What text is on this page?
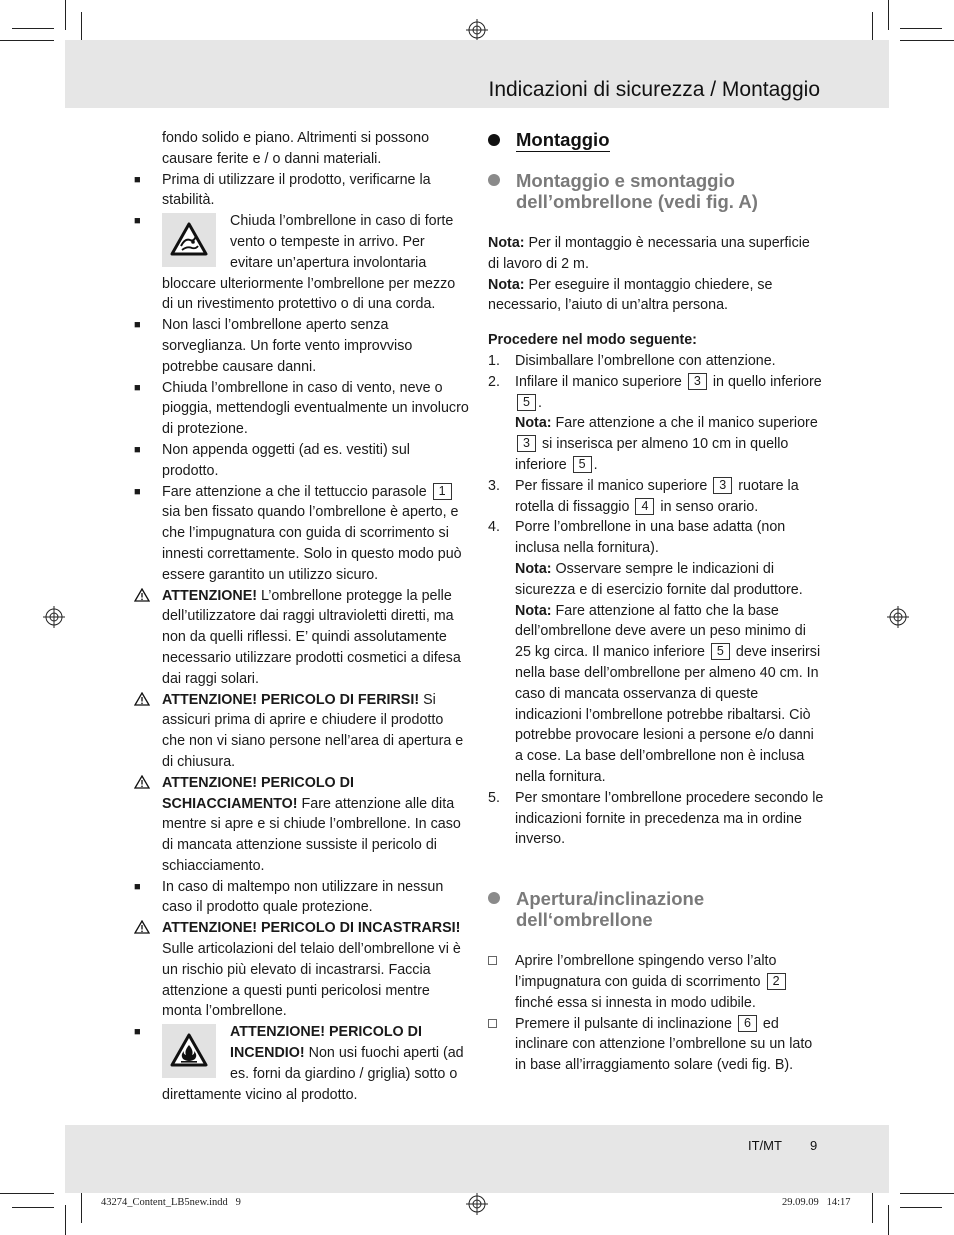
Indicazioni di sicurezza / Montaggio
fondo solido e piano. Altrimenti si possono causare ferite e / o danni materiali.
■	Prima di utilizzare il prodotto, verificarne la stabilità.
■	Chiuda l’ombrellone in caso di forte vento o tempeste in arrivo. Per evitare un’apertura involontaria bloccare ulteriormente l’ombrellone per mezzo di un rivestimento protettivo o di una corda.
■	Non lasci l’ombrellone aperto senza sorveglianza. Un forte vento improvviso potrebbe causare danni.
■	Chiuda l’ombrellone in caso di vento, neve o pioggia, mettendogli eventualmente un involucro di protezione.
■	Non appenda oggetti (ad es. vestiti) sul prodotto.
■	Fare attenzione a che il tettuccio parasole 1 sia ben fissato quando l’ombrellone è aperto, e che l’impugnatura con guida di scorrimento si innesti correttamente. Solo in questo modo può essere garantito un utilizzo sicuro.
ATTENZIONE! L’ombrellone protegge la pelle dell’utilizzatore dai raggi ultravioletti diretti, ma non da quelli riflessi. E’ quindi assolutamente necessario utilizzare prodotti cosmetici a difesa dai raggi solari.
ATTENZIONE! PERICOLO DI FERIRSI! Si assicuri prima di aprire e chiudere il prodotto che non vi siano persone nell’area di apertura e di chiusura.
ATTENZIONE! PERICOLO DI SCHIACCIAMENTO! Fare attenzione alle dita mentre si apre e si chiude l’ombrellone. In caso di mancata attenzione sussiste il pericolo di schiacciamento.
■	In caso di maltempo non utilizzare in nessun caso il prodotto quale protezione.
ATTENZIONE! PERICOLO DI INCASTRARSI! Sulle articolazioni del telaio dell’ombrellone vi è un rischio più elevato di incastrarsi. Faccia attenzione a questi punti pericolosi mentre monta l’ombrellone.
■	ATTENZIONE! PERICOLO DI INCENDIO! Non usi fuochi aperti (ad es. forni da giardino / griglia) sotto o direttamente vicino al prodotto.
Montaggio
Montaggio e smontaggio dell’ombrellone (vedi fig. A)
Nota: Per il montaggio è necessaria una superficie di lavoro di 2 m.
Nota: Per eseguire il montaggio chiedere, se necessario, l’aiuto di un’altra persona.
Procedere nel modo seguente:
1. Disimballare l’ombrellone con attenzione.
2. Infilare il manico superiore 3 in quello inferiore 5 .
Nota: Fare attenzione a che il manico superiore 3 si inserisca per almeno 10 cm in quello inferiore 5 .
3. Per fissare il manico superiore 3 ruotare la rotella di fissaggio 4 in senso orario.
4. Porre l’ombrellone in una base adatta (non inclusa nella fornitura).
Nota: Osservare sempre le indicazioni di sicurezza e di esercizio fornite dal produttore.
Nota: Fare attenzione al fatto che la base dell’ombrellone deve avere un peso minimo di 25 kg circa. Il manico inferiore 5 deve inserirsi nella base dell’ombrellone per almeno 40 cm. In caso di mancata osservanza di queste indicazioni l’ombrellone potrebbe ribaltarsi. Ciò potrebbe provocare lesioni a persone e/o danni a cose. La base dell’ombrellone non è inclusa nella fornitura.
5. Per smontare l’ombrellone procedere secondo le indicazioni fornite in precedenza ma in ordine inverso.
Apertura/inclinazione dell‘ombrellone
Aprire l’ombrellone spingendo verso l’alto l’impugnatura con guida di scorrimento 2 finché essa si innesta in modo udibile.
Premere il pulsante di inclinazione 6 ed inclinare con attenzione l’ombrellone su un lato in base all’irraggiamento solare (vedi fig. B).
IT/MT 9
43274_Content_LB5new.indd   9	29.09.09   14:17
